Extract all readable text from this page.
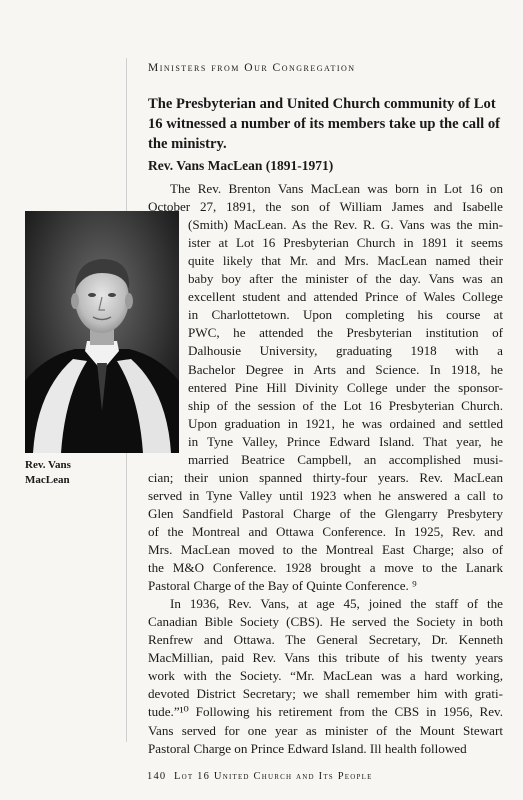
Ministers from Our Congregation
The Presbyterian and United Church community of Lot 16 witnessed a number of its members take up the call of the ministry.
Rev. Vans MacLean (1891-1971)
Rev. Vans MacLean
The Rev. Brenton Vans MacLean was born in Lot 16 on
October 27, 1891, the son of William James and Isabelle
(Smith) MacLean. As the Rev. R. G. Vans was the min-
ister at Lot 16 Presbyterian Church in 1891 it seems
quite likely that Mr. and Mrs. MacLean named their
baby boy after the minister of the day. Vans was an
excellent student and attended Prince of Wales College
in Charlottetown. Upon completing his course at
PWC, he attended the Presbyterian institution of
Dalhousie University, graduating 1918 with a
Bachelor Degree in Arts and Science. In 1918, he
entered Pine Hill Divinity College under the sponsor-
ship of the session of the Lot 16 Presbyterian Church.
Upon graduation in 1921, he was ordained and settled
in Tyne Valley, Prince Edward Island. That year, he
married Beatrice Campbell, an accomplished musi-
cian; their union spanned thirty-four years. Rev. MacLean
served in Tyne Valley until 1923 when he answered a call to
Glen Sandfield Pastoral Charge of the Glengarry Presbytery
of the Montreal and Ottawa Conference. In 1925, Rev. and
Mrs. MacLean moved to the Montreal East Charge; also of
the M&O Conference. 1928 brought a move to the Lanark
Pastoral Charge of the Bay of Quinte Conference. ⁹
In 1936, Rev. Vans, at age 45, joined the staff of the
Canadian Bible Society (CBS). He served the Society in both
Renfrew and Ottawa. The General Secretary, Dr. Kenneth
MacMillian, paid Rev. Vans this tribute of his twenty years
work with the Society. “Mr. MacLean was a hard working,
devoted District Secretary; we shall remember him with grati-
tude.”¹⁰ Following his retirement from the CBS in 1956, Rev.
Vans served for one year as minister of the Mount Stewart
Pastoral Charge on Prince Edward Island. Ill health followed
140 Lot 16 United Church and Its People
